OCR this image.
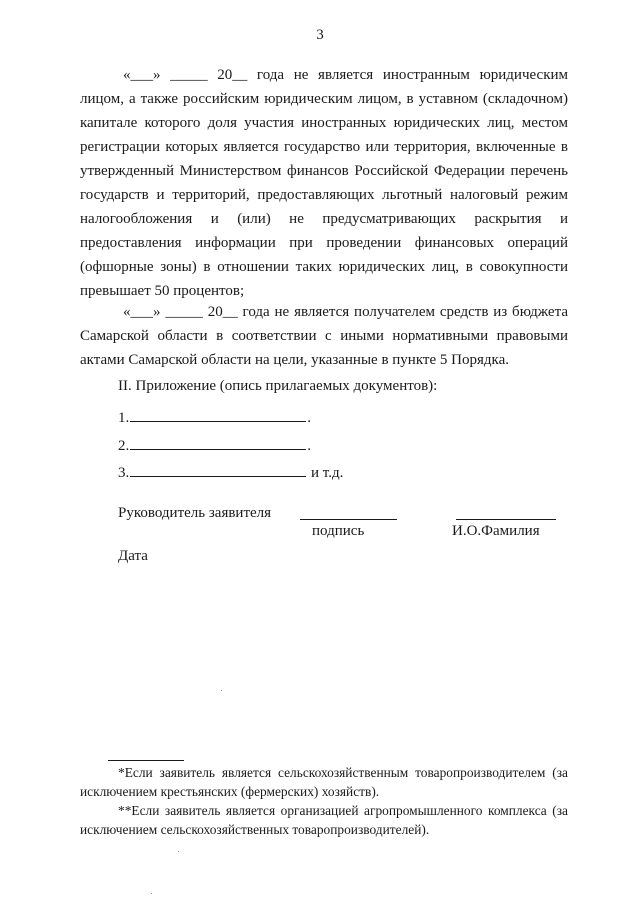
3

«___» _____ 20__ года не является иностранным юридическим лицом, а также российским юридическим лицом, в уставном (складочном) капитале которого доля участия иностранных юридических лиц, местом регистрации которых является государство или территория, включенные в утвержденный Министерством финансов Российской Федерации перечень государств и территорий, предоставляющих льготный налоговый режим налогообложения и (или) не предусматривающих раскрытия и предоставления информации при проведении финансовых операций (офшорные зоны) в отношении таких юридических лиц, в совокупности превышает 50 процентов;

«___» _____ 20__ года не является получателем средств из бюджета Самарской области в соответствии с иными нормативными правовыми актами Самарской области на цели, указанные в пункте 5 Порядка.

II. Приложение (опись прилагаемых документов):
1.	.
2.	.
3.	и т.д.
Руководитель заявителя
подпись	И.О.Фамилия
Дата

*Если заявитель является сельскохозяйственным товаропроизводителем (за исключением крестьянских (фермерских) хозяйств).

**Если заявитель является организацией агропромышленного комплекса (за исключением сельскохозяйственных товаропроизводителей).
